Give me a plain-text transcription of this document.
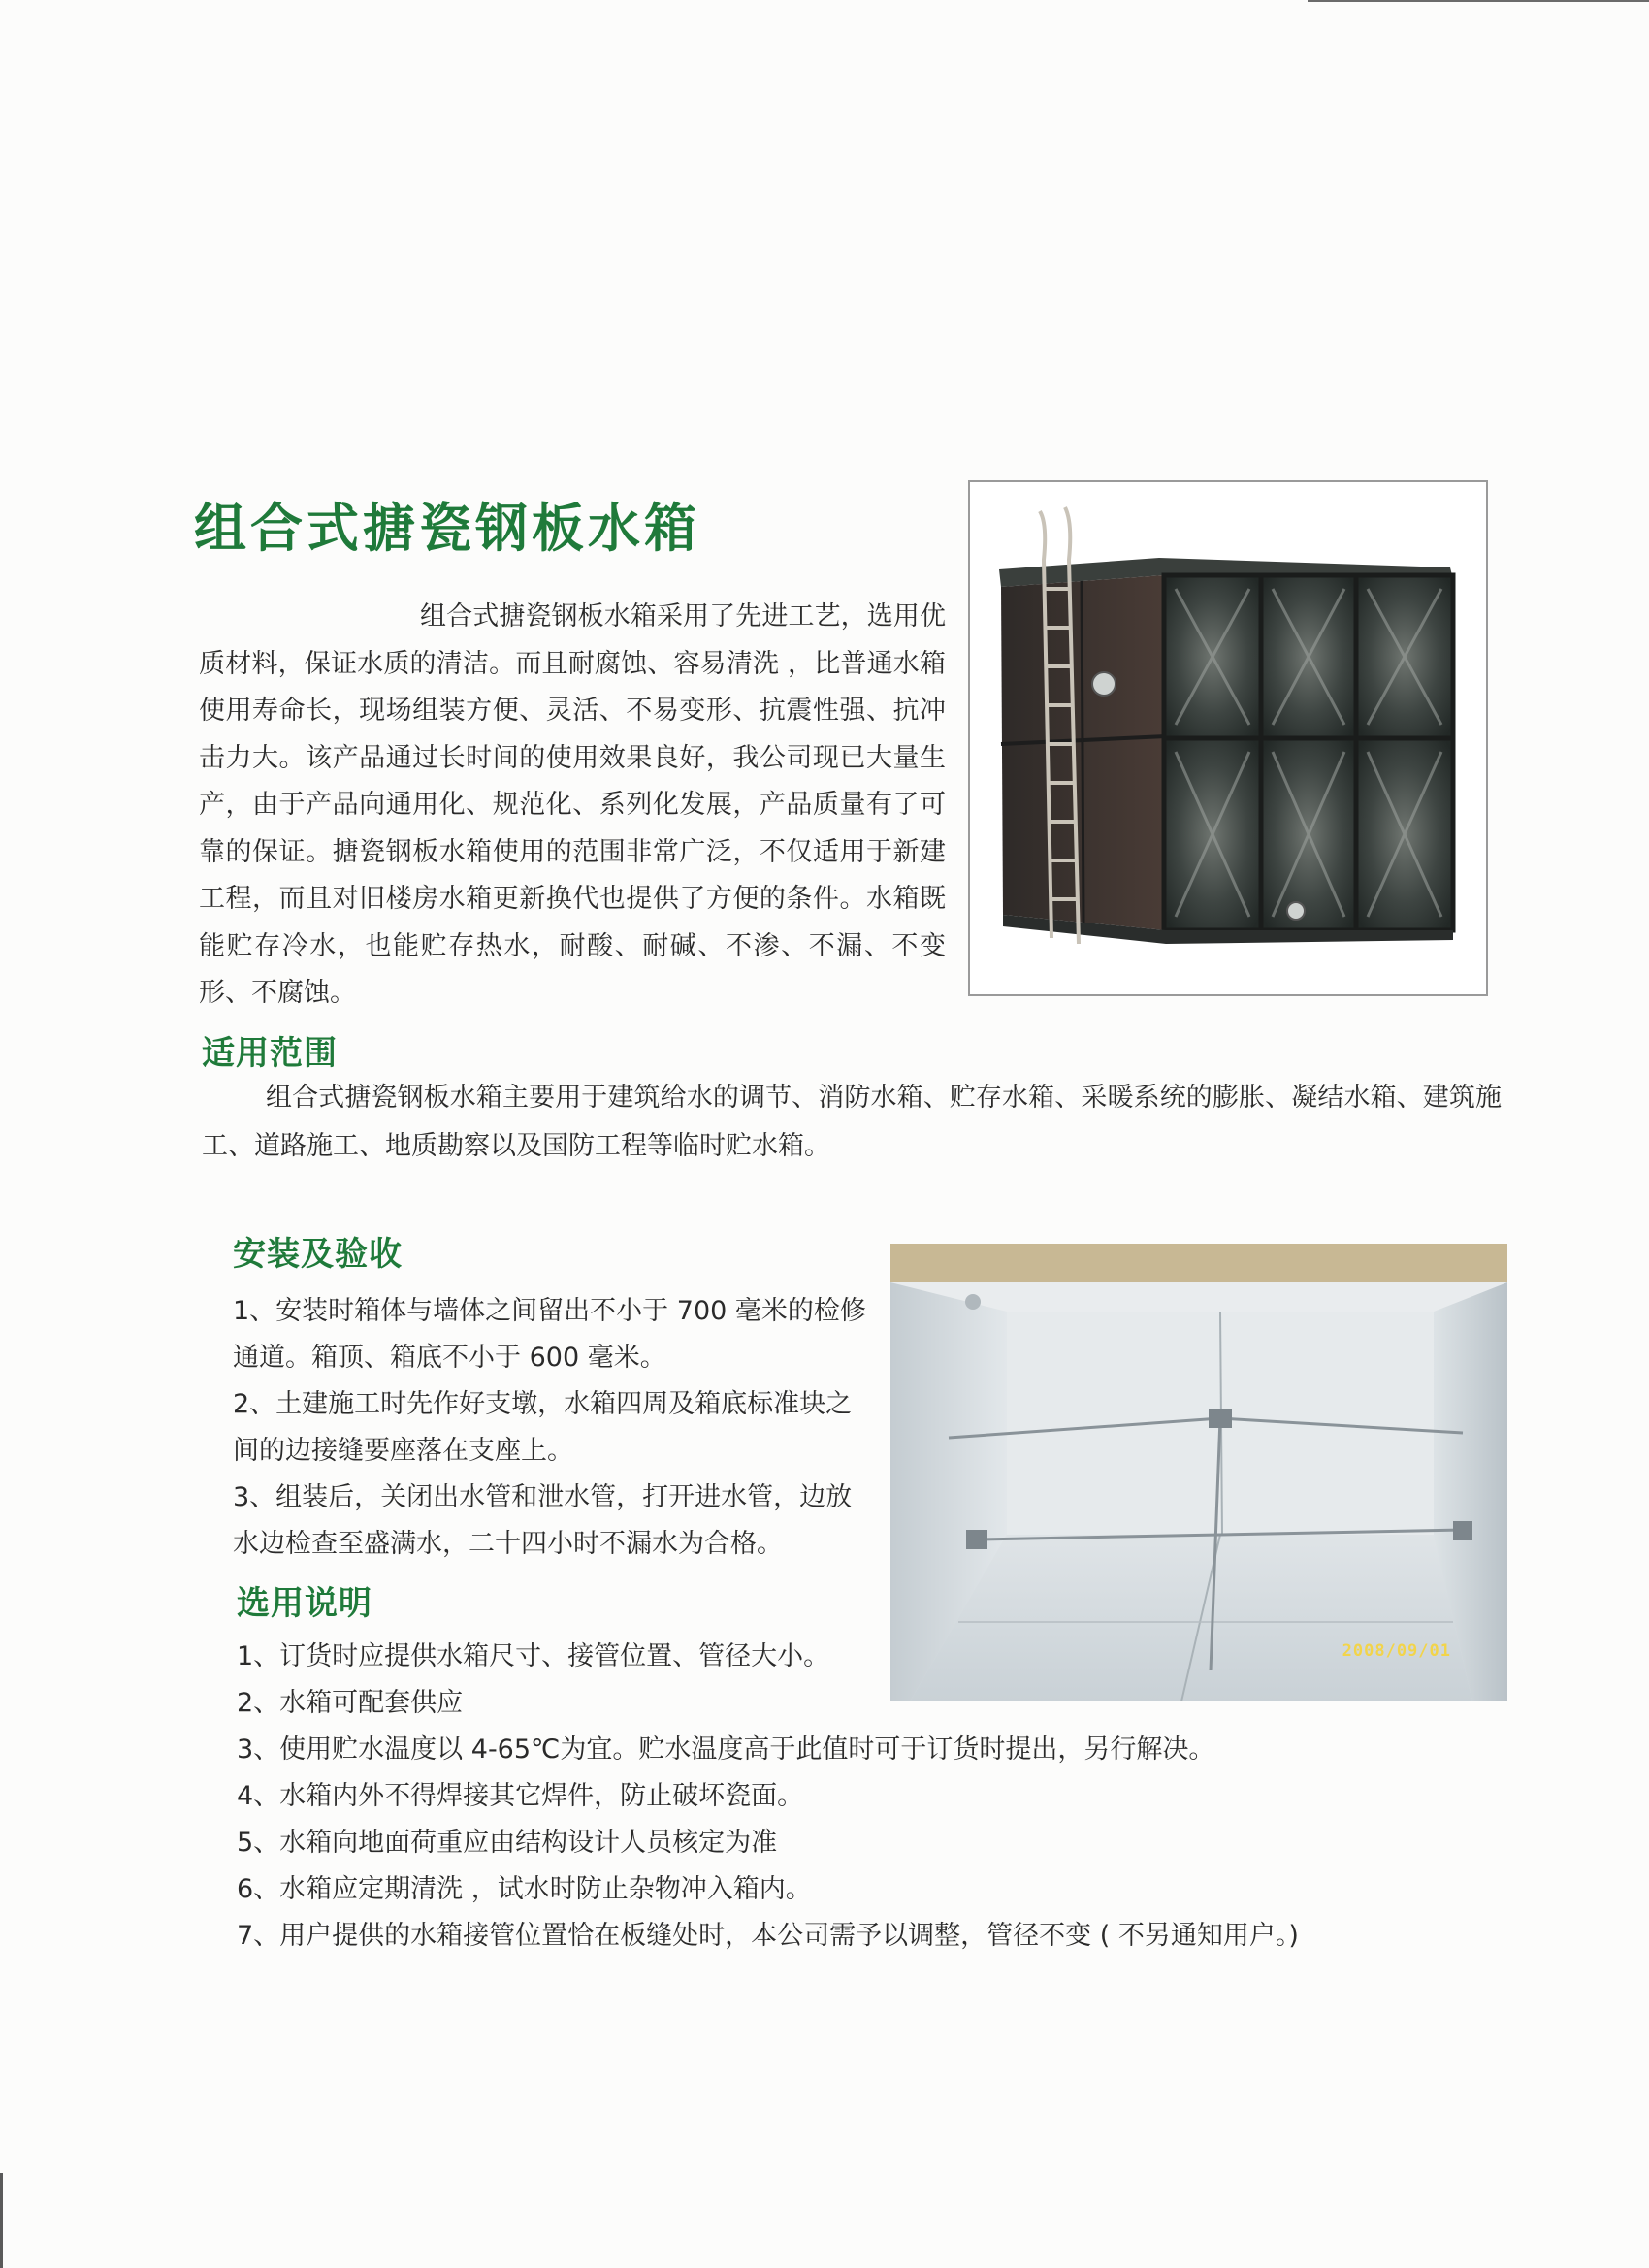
组合式搪瓷钢板水箱

组合式搪瓷钢板水箱采用了先进工艺，选用优质材料，保证水质的清洁。而且耐腐蚀、容易清洗 ，比普通水箱使用寿命长，现场组装方便、灵活、不易变形、抗震性强、抗冲击力大。该产品通过长时间的使用效果良好，我公司现已大量生产，由于产品向通用化、规范化、系列化发展，产品质量有了可靠的保证。搪瓷钢板水箱使用的范围非常广泛，不仅适用于新建工程，而且对旧楼房水箱更新换代也提供了方便的条件。水箱既能贮存冷水，也能贮存热水，耐酸、耐碱、不渗、不漏、不变形、不腐蚀。

适用范围

组合式搪瓷钢板水箱主要用于建筑给水的调节、消防水箱、贮存水箱、采暖系统的膨胀、凝结水箱、建筑施工、道路施工、地质勘察以及国防工程等临时贮水箱。

安装及验收

1、安装时箱体与墙体之间留出不小于 700 毫米的检修通道。箱顶、箱底不小于 600 毫米。

2、土建施工时先作好支墩，水箱四周及箱底标准块之间的边接缝要座落在支座上。

3、组装后，关闭出水管和泄水管，打开进水管，边放水边检查至盛满水，二十四小时不漏水为合格。

2008/09/01
选用说明

1、订货时应提供水箱尺寸、接管位置、管径大小。

2、水箱可配套供应

3、使用贮水温度以 4-65℃为宜。贮水温度高于此值时可于订货时提出，另行解决。

4、水箱内外不得焊接其它焊件，防止破坏瓷面。

5、水箱向地面荷重应由结构设计人员核定为准

6、水箱应定期清洗 ，试水时防止杂物冲入箱内。

7、用户提供的水箱接管位置恰在板缝处时，本公司需予以调整，管径不变 ( 不另通知用户。)
